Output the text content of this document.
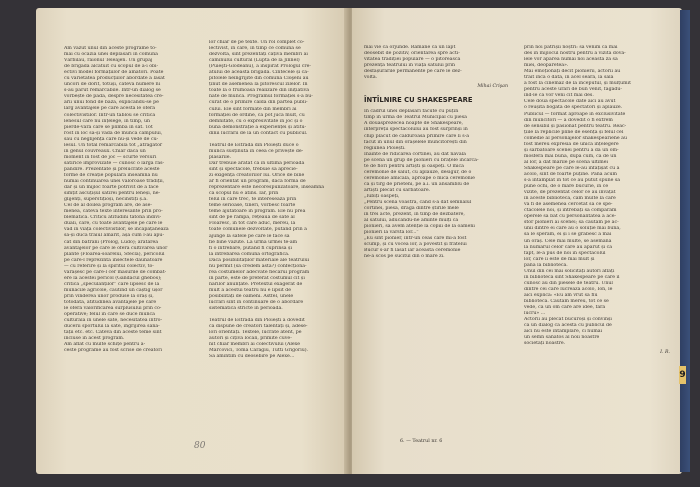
Am văzut unul din aceste programe to-
mai cu ocazia unei deplasări în comuna
Vărbilău, raionul Teleajen. Un grupaj
de brigadă alcătuit cu scopul de a-i obi-
ectivi model formațiilor de amatori. Poate
cu varietatea producțiilor abordate a lăsat
uncori de dorit, totuși, câteva numere ni
s-au părut remarcabile. Într-un dialog se
vorbește de pădă, despre necesitatea cre-
ării unui fond de bază, explicându-se pe
larg avantajele pe care acesta le oferă
colectivistilor. Într-un tablou se critică
lenesul care nu înțelege, în timp, un
pierde-vară care se plimbă în sat. Tot
rost în loc să-și vadă de munca câmpului,
sau cu neglijență care nu-și vede de cu-
lesul. Un total remarcabilă tot „atrăgător
în genul couvreaux. Chiar dacă un
moment în fost de joc — scurte versuri
satirice improvizate — cunosc o largă răs-
pândire. Prezentate și prelucrate aceste
forme de creație populară înseamnă nu
numai continuarea unei valoroase tradiții,
dar și un mijloc foarte potrivit de a face
simțit ascuțișul satirei pentru leneși, ne-
glijenți, superstițioși, necinstiți ș.a.
Cel de al doilea program are, de ase-
menea, câteva texte interesante prin pro-
blematică. Criticu atitudini tatonă indivi-
duali, care, cu toate avantajele pe care le
văd în viața colectivistilor, se încăpățânează
să-și ducă traiul amărît, așa cum l-au apu-
cat din bătrâni (Prolog, Ludo); arătarea
avantajelor pe care le oferă cultivarea unor
plante (Floarea-soarelui, Sfecla), pericolul
pe care-l reprezintă insectele dăunătoare
— cu referire și la spiritul colectiv, to-
vărășesc pe care-l cer măsurile de combat-
ere la acestei pericol (Gândacul ghebos);
critica „speculanților” care lipsesc de la
munacile agricole, căutînd un câștig ușor
prin vinderea unor produse la oraș și,
totodată, atitudinea avantajele pe care
le oferă valorificarea surplusului prin co-
operative; felul în care se duce munca
culturală în unele sate, necesitatea intro-
ducerii sportului la sate, îngrijirea sănă-
tății etc. etc. Câteva din aceste teme sînt
incluse în acest program.
Am aflat cu multe schițe pentru a-
ceste programe au fost scrise de creatori
lor chiar de pe texte. Un rol complet co-
lectivist, în care, în timp ce comuna se
dezvoltă, sînt prezentați câțiva membri ai
căminului cultural (Lupta de la Jinnel)
(Puieşti-Glodeanu), a inspirat Prologul cre-
atului de aceasta brigadă. Cîntecele și ca-
pitolele neîngrijite din comuna Cloşeni au
ținut de asemenea la pitorescul zilelor. În
toate la o frumoasă realizare din inițiativa
nate de muncă. Programul formației s-a bu-
curat de o primire caldă din partea publi-
cului. Ele sînt formate din membri ai
formației de ordine, că pot juca mult, cu
demnitate, cu o expresivitate în joc și o
bună demonstrație a experienței și atitu-
dinii lucrării de la un contact cu publicul.

Teatrul de Estradă din Ploiești duce o
muncă susținută în ceea ce privește de-
plasările.
Dar trebuie arătat că în ultima perioadă
sînt și spectacole, trebuie să aprecie-
zi exigența creatorilor lui. Orice de bine
ar fi orientat un program, dacă forma de
reprezentare este necorespunzătoare, înseamnă
că scopul nu e atins. Iar, prin
felul în care trec, te interesează prin
teme serioase, tineri, vorbesc foarte
teme ajutătoare în program. Ele nu prea
sînt de pe rampă, rețeaua de sate al
Floaresc, în tot care aduc, mereu, la
toate comunele dezvoltate, putând prin a
ajunge la satele pe care le face să
fie bine văzute. La urma urmei te-am
fi o întrebare, putând fi cuprinsă și
la întrebarea comună ortografică.
Dacă posibilităților materiale ale teatrului
nu permit (să credem asta?) confecționa-
rea costumelor adecvate fiecărui program
în parte, este de preferat costumul cît și
narilor anunțate. Pretextul exagerat de
mult a acestui teatru nu e lipsit de
posibilități de oameni. Astfel, unele
lucrări sînt în continuare de o abordare
sistematică stricte în perioada.

Teatrul de Estradă din Ploiești a dovedit
că dispune de creatori talentați și, adese-
lori orientați. Textele, lucrate atent, pe
autori și cîțiva locali, primite cuve-
nit chiar membri ai colectivului (Alexe
Marcovici, Toma Caragiu, Tutti Grigoriu).
Să amintim cu deosebire pe Alexe...
80
mai vie ca orjunde. Rămâne ca un lapt
deosebit de pozitiv, orientarea spre acti-
vitatea tradiției populare — o pitorească
prezență teatrului în viața satului prin
desfășurările permanente pe care le dez-
voltă.
Mihai Crişan
ÎNTÎLNIRE CU SHAKESPEARE
În cadrul unei deplasări făcute cu puțin
timp în urmă de Teatrul Municipal cu piesa
A douăsprezecea noapte de Shakespeare,
interpreții spectacolului au fost surprinși în
chip plăcut de călduroasa primire care li s-a
făcut în unul din orășelele muncitorești din
regiunea Ploiești.
Înainte de ridicarea cortinei, au dat năvală
pe scenă un grup de pionieri cu brațele încărca-
te de flori pentru artiști și oaspeți. O mică
ceremonie de salut, cu aplauze, desigur, de o
ceremonie amicală, aproape o mică ceremonie
ca și tîrg de prieteni, pe a.i. un ansamblu de
artiști plecat cu sărbătoare.
„Iubiți oaspeți,
„Pentru scena voastră, când s-a dat semnalul
cortinei, piesa, dragă dintre știrile mele
în trei acte, prezent, în timp de dezbatere,
al satului, aducându-ne aminte mulți ca
pionieri, să avem atenție la copiii de la oameni
pionieri la vârsta lor...”
„Eu sînt pionier, într-un ceas care mi-a fost
scump, și cu vocea lor, a povestit și fratelui
Bucur s-ar fi lăsat iar această ceremonie
ne-a scos pe sucitul din o mare zi.
6. — Teatrul nr. 6
prin noi pătrișii noștri: să venim ca mai
des în mijlocul nostru pentru a vizita dova-
lele vor apărea numai noi această ză să
miei, deoparetea».
Mai emoționați decît pionierii, actorii au
trăit încă o dată, în acel seară, la sala
a fost la cinemaz de la începutul, și mulțumit
pentru aceste urări de bun venit, făgădu-
ind-le că vor veni cît mai des.
Cele două spectacole date aici au avut
o reușită bogată de spectatori și aplauze.
Publicul — format aproape în exclusivitate
din muncitori — a dovedit o fi extrem
de sensibil și pasionat pentru teatru. Reac-
țiile la replicile pline de esență și felul cel
comedie al personajelor shakespeariene au
fost mereu expresia de unică înțelegere
și sărbătoare scenei pentru a da un om-
mosfera mai bună, după cum, ca de un
al lor, a dat marile pe scena ultimei
Shakespeare pe care le-au înfățișat cu a
acolo, sînt de foarte puține. Până acum
s-a întâmplat în tot ce au putut spune să
pune ochi, de o mare bucurie, în ce
vizite, de prezentat celor ce au învățat
în aceste biblioteca, cam multe la care
va fi de asemenea cercetat să ce spe-
ctacolele noi, și întrebați să comparăm
operele să bat cu personalitatea a ace-
stor pionieri ai scenei; să căutăm pe ac-
unii dintre ei care au o soluție mai bună,
să le sperăm, ei și i se grăbesc a mai
un oraș. Cele mai multe, se asemănă
la numărul celor care au apărut și că
fapt, le-a pus de noi în spectacolul
lor, care îi este de mai mult și
până la bibliotecă.
Unul din cei mai solicitați autori aflați
în biblioteca sînt Shakespeare pe care îl
cunosc au din piesele de teatru. Unul
dintre cei care lucrează acolo, Ion, le
aici explica: «Eu am vrut să fiu
biblioteca. Căutam mereu, tot ce se
vede, ca un om care are idee, fără
lucru» ...
Actorii au plecat bucuroși și convinși
că un dialog ca acesta cu publicul de
aici nu este întâmplare, ci numai
un semn sănătos al noii noastre
societăți noastre.
I. R.
9
